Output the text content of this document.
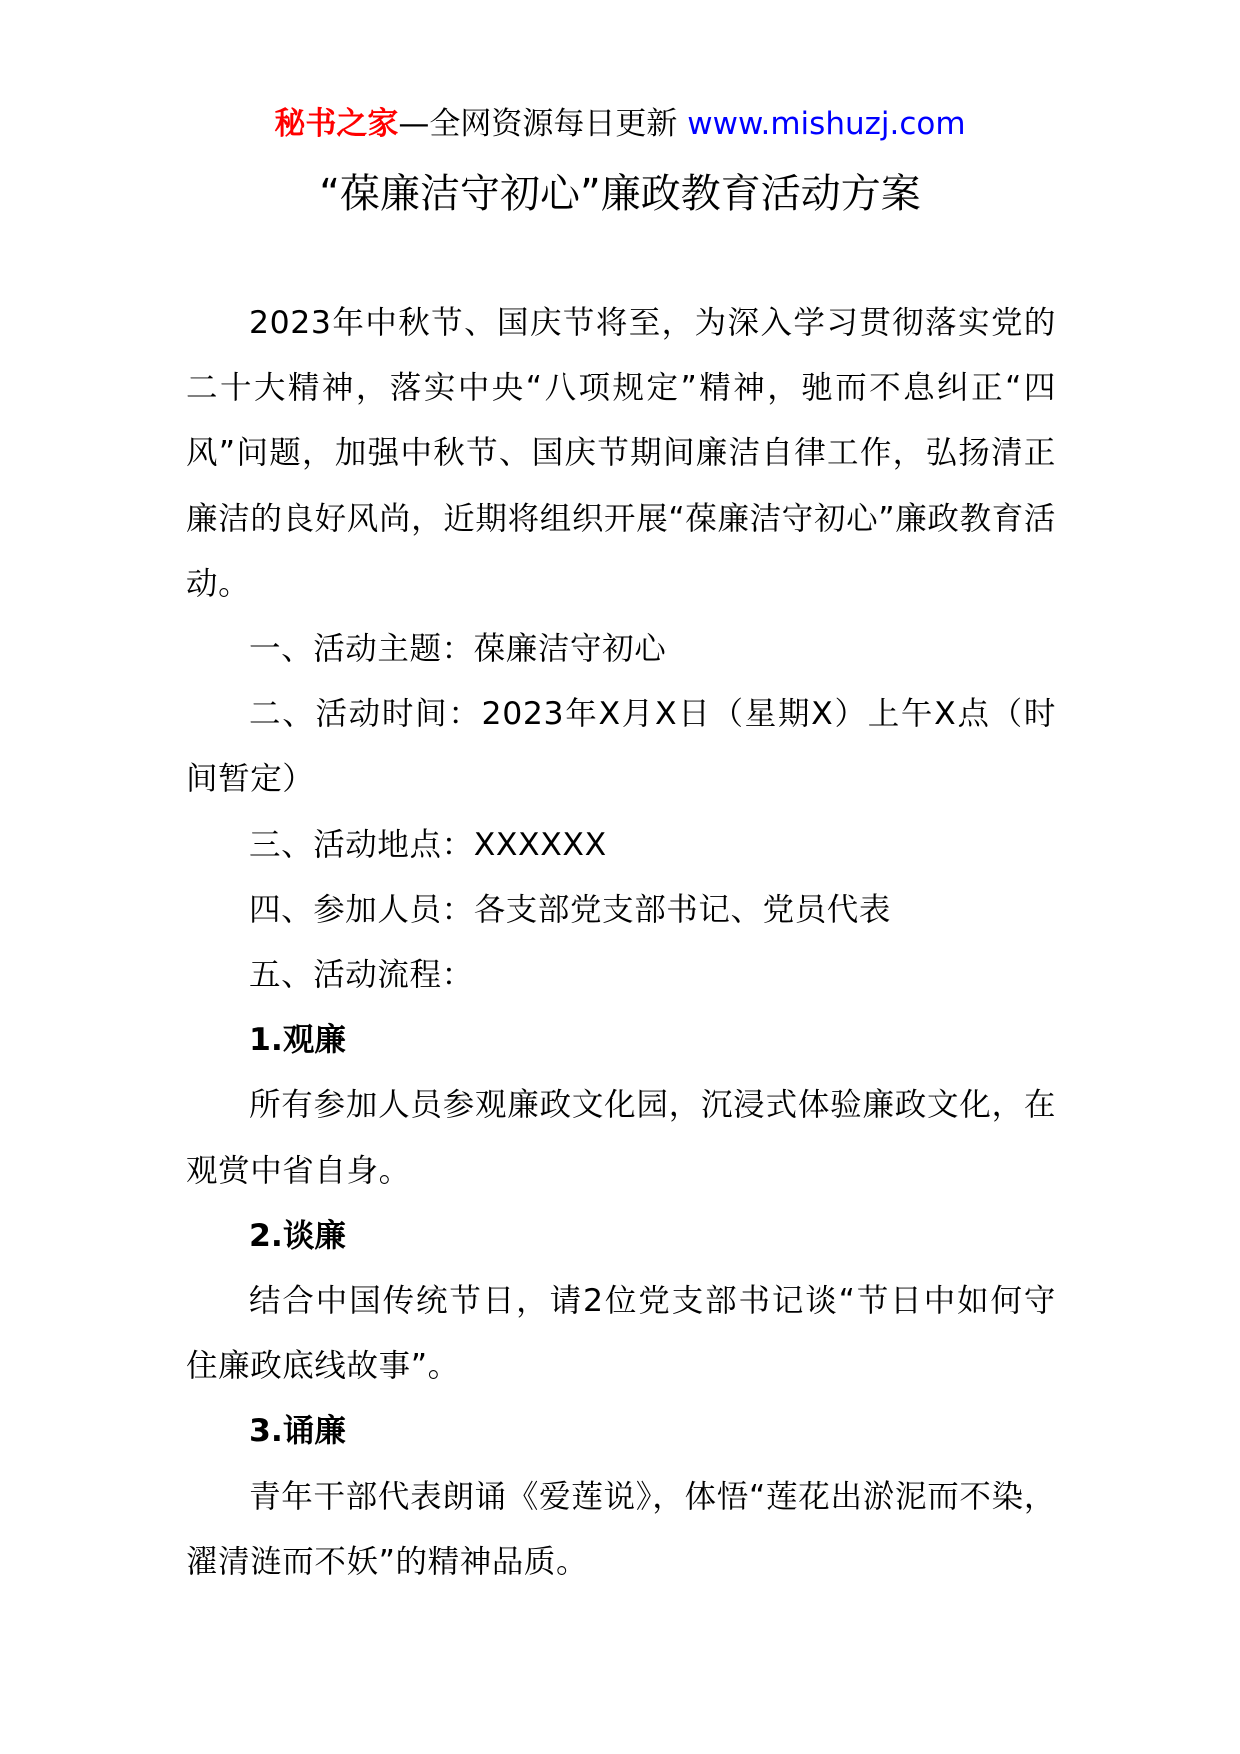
秘书之家—全网资源每日更新 www.mishuzj.com
“葆廉洁守初心”廉政教育活动方案

2023年中秋节、国庆节将至，为深入学习贯彻落实党的二十大精神，落实中央“八项规定”精神，驰而不息纠正“四风”问题，加强中秋节、国庆节期间廉洁自律工作，弘扬清正廉洁的良好风尚，近期将组织开展“葆廉洁守初心”廉政教育活动。

一、活动主题：葆廉洁守初心

二、活动时间：2023年X月X日（星期X）上午X点（时间暂定）

三、活动地点：XXXXXX

四、参加人员：各支部党支部书记、党员代表

五、活动流程：

1.观廉

所有参加人员参观廉政文化园，沉浸式体验廉政文化，在观赏中省自身。

2.谈廉

结合中国传统节日，请2位党支部书记谈“节日中如何守住廉政底线故事”。

3.诵廉

青年干部代表朗诵《爱莲说》，体悟“莲花出淤泥而不染，濯清涟而不妖”的精神品质。
